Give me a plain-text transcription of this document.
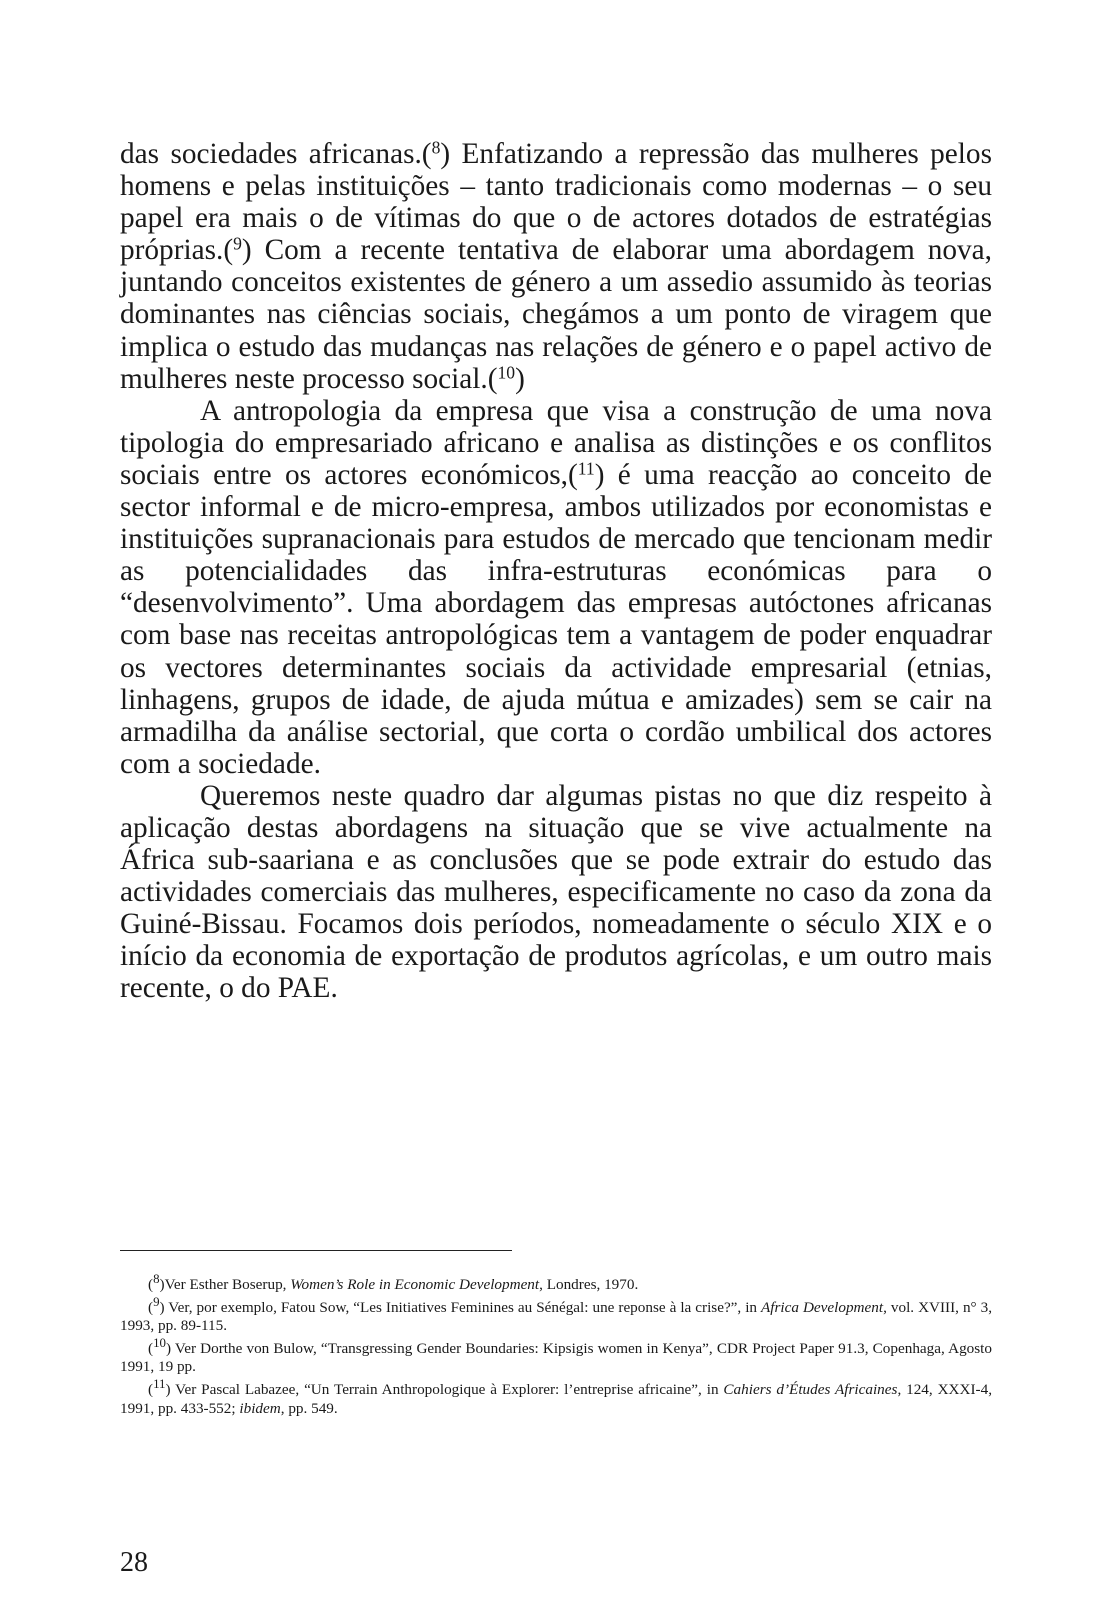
das sociedades africanas.($^8$) Enfatizando a repressão das mulheres pelos homens e pelas instituições – tanto tradicionais como modernas – o seu papel era mais o de vítimas do que o de actores dotados de estratégias próprias.($^9$) Com a recente tentativa de elaborar uma abordagem nova, juntando conceitos existentes de género a um assedio assumido às teorias dominantes nas ciências sociais, chegámos a um ponto de viragem que implica o estudo das mudanças nas relações de género e o papel activo de mulheres neste processo social.($^{10}$)

A antropologia da empresa que visa a construção de uma nova tipologia do empresariado africano e analisa as distinções e os conflitos sociais entre os actores económicos,($^{11}$) é uma reacção ao conceito de sector informal e de micro-empresa, ambos utilizados por economistas e instituições supranacionais para estudos de mercado que tencionam medir as potencialidades das infra-estruturas económicas para o “desenvolvimento”. Uma abordagem das empresas autóctones africanas com base nas receitas antropológicas tem a vantagem de poder enquadrar os vectores determinantes sociais da actividade empresarial (etnias, linhagens, grupos de idade, de ajuda mútua e amizades) sem se cair na armadilha da análise sectorial, que corta o cordão umbilical dos actores com a sociedade.

Queremos neste quadro dar algumas pistas no que diz respeito à aplicação destas abordagens na situação que se vive actualmente na África sub-saariana e as conclusões que se pode extrair do estudo das actividades comerciais das mulheres, especificamente no caso da zona da Guiné-Bissau. Focamos dois períodos, nomeadamente o século XIX e o início da economia de exportação de produtos agrícolas, e um outro mais recente, o do PAE.

($^8$)Ver Esther Boserup, Women’s Role in Economic Development, Londres, 1970.

($^9$) Ver, por exemplo, Fatou Sow, “Les Initiatives Feminines au Sénégal: une reponse à la crise?”, in Africa Development, vol. XVIII, n° 3, 1993, pp. 89-115.

($^{10}$) Ver Dorthe von Bulow, “Transgressing Gender Boundaries: Kipsigis women in Kenya”, CDR Project Paper 91.3, Copenhaga, Agosto 1991, 19 pp.

($^{11}$) Ver Pascal Labazee, “Un Terrain Anthropologique à Explorer: l’entreprise africaine”, in Cahiers d’Études Africaines, 124, XXXI-4, 1991, pp. 433-552; ibidem, pp. 549.

28
